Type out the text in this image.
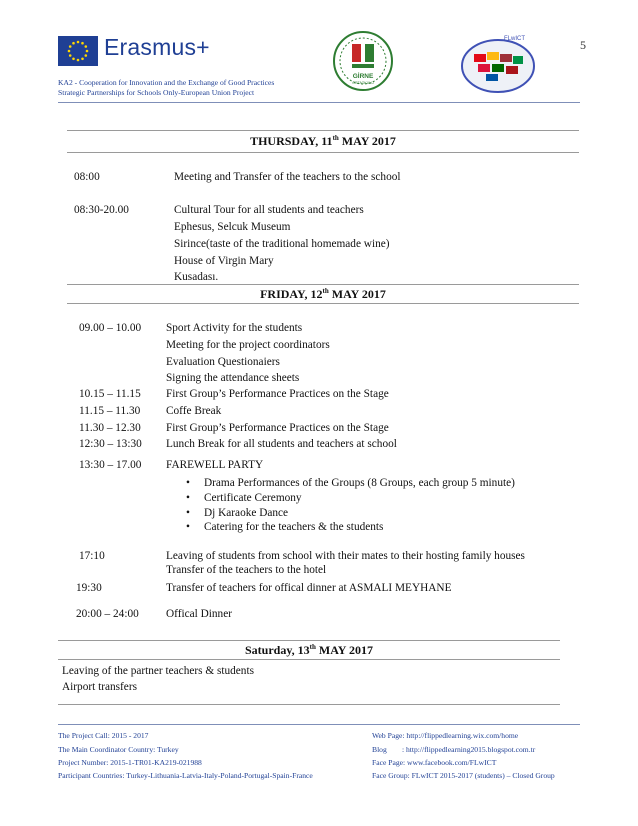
Erasmus+
KA2 - Cooperation for Innovation and the Exchange of Good Practices
Strategic Partnerships for Schools Only-European Union Project
GİRNE
ORTAOKULU
FLwICT	5
THURSDAY, 11th MAY 2017
08:00	Meeting and Transfer of the teachers to the school
08:30-20.00	Cultural Tour for all students and teachers
Ephesus, Selcuk Museum
Sirince(taste of the traditional homemade wine)
House of Virgin Mary
Kusadası.
FRIDAY, 12th MAY 2017
09.00 – 10.00 Sport Activity for the students
Meeting for the project coordinators
Evaluation Questionaiers
Signing the attendance sheets
10.15 – 11.15 First Group’s Performance Practices on the Stage
11.15 – 11.30 Coffe Break
11.30 – 12.30 First Group’s Performance Practices on the Stage
12:30 – 13:30 Lunch Break for all students and teachers at school
13:30 – 17.00 FAREWELL PARTY
• Drama Performances of the Groups (8 Groups, each group 5 minute)
• Certificate Ceremony
• Dj Karaoke Dance
• Catering for the teachers & the students
17:10	Leaving of students from school with their mates to their hosting family houses
Transfer of the teachers to the hotel
19:30	Transfer of teachers for offical dinner at ASMALI MEYHANE
20:00 – 24:00 Offical Dinner
Saturday, 13th MAY 2017
Leaving of the partner teachers & students
Airport transfers
The Project Call: 2015 - 2017
The Main Coordinator Country: Turkey
Project Number: 2015-1-TR01-KA219-021988
Participant Countries: Turkey-Lithuania-Latvia-Italy-Poland-Portugal-Spain-France
Web Page: http://flippedlearning.wix.com/home
Blog        : http://flippedlearning2015.blogspot.com.tr
Face Page: www.facebook.com/FLwICT
Face Group: FLwICT 2015-2017 (students) – Closed Group
